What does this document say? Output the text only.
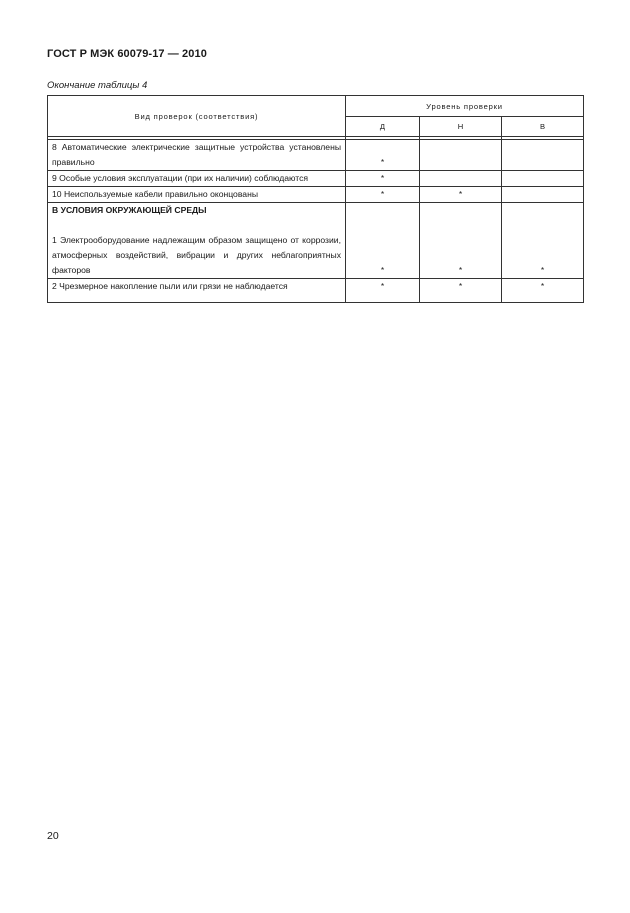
ГОСТ Р МЭК 60079-17 — 2010
Окончание таблицы 4
Вид проверок (соответствия)	Уровень проверки		
	Д	Н	В

8 Автоматические электрические защитные устройства установлены правильно	*		
9 Особые условия эксплуатации (при их наличии) соблюдаются	*		
10 Неиспользуемые кабели правильно оконцованы	*	*	

В УСЛОВИЯ ОКРУЖАЮЩЕЙ СРЕДЫ
1 Электрооборудование надлежащим образом защищено от коррозии, атмосферных воздействий, вибрации и других неблагоприятных факторов	*	*	*
2 Чрезмерное накопление пыли или грязи не наблюдается	*	*	*
20
